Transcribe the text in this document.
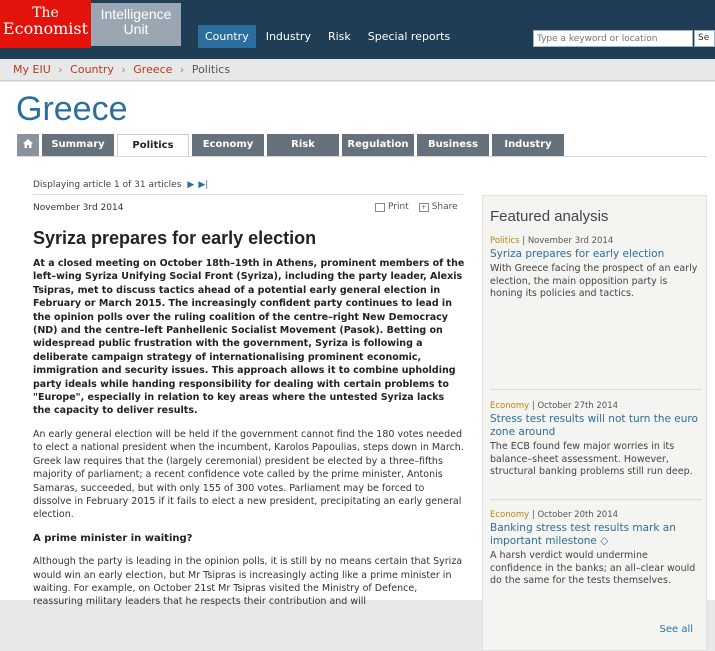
The
Economist
Intelligence
Unit	Country	Industry	Risk	Special reports
Type a keyword or location	Se
My EIU › Country › Greece › Politics
Greece
Summary	Politics	Economy	Risk	Regulation	Business	Industry
Displaying article 1 of 31 articles ▶ ▶|
November 3rd 2014	Print	+ Share
Syriza prepares for early election

At a closed meeting on October 18th–19th in Athens, prominent members of the left–wing Syriza Unifying Social Front (Syriza), including the party leader, Alexis Tsipras, met to discuss tactics ahead of a potential early general election in February or March 2015. The increasingly confident party continues to lead in the opinion polls over the ruling coalition of the centre–right New Democracy (ND) and the centre–left Panhellenic Socialist Movement (Pasok). Betting on widespread public frustration with the government, Syriza is following a deliberate campaign strategy of internationalising prominent economic, immigration and security issues. This approach allows it to combine upholding party ideals while handing responsibility for dealing with certain problems to "Europe", especially in relation to key areas where the untested Syriza lacks the capacity to deliver results.

An early general election will be held if the government cannot find the 180 votes needed to elect a national president when the incumbent, Karolos Papoulias, steps down in March. Greek law requires that the (largely ceremonial) president be elected by a three–fifths majority of parliament; a recent confidence vote called by the prime minister, Antonis Samaras, succeeded, but with only 155 of 300 votes. Parliament may be forced to dissolve in February 2015 if it fails to elect a new president, precipitating an early general election.

A prime minister in waiting?

Although the party is leading in the opinion polls, it is still by no means certain that Syriza would win an early election, but Mr Tsipras is increasingly acting like a prime minister in waiting. For example, on October 21st Mr Tsipras visited the Ministry of Defence, reassuring military leaders that he respects their contribution and will

Featured analysis
Politics | November 3rd 2014
Syriza prepares for early election
With Greece facing the prospect of an early election, the main opposition party is honing its policies and tactics.
Economy | October 27th 2014
Stress test results will not turn the euro zone around
The ECB found few major worries in its balance–sheet assessment. However, structural banking problems still run deep.
Economy | October 20th 2014
Banking stress test results mark an important milestone ◇
A harsh verdict would undermine confidence in the banks; an all–clear would do the same for the tests themselves.
See all
